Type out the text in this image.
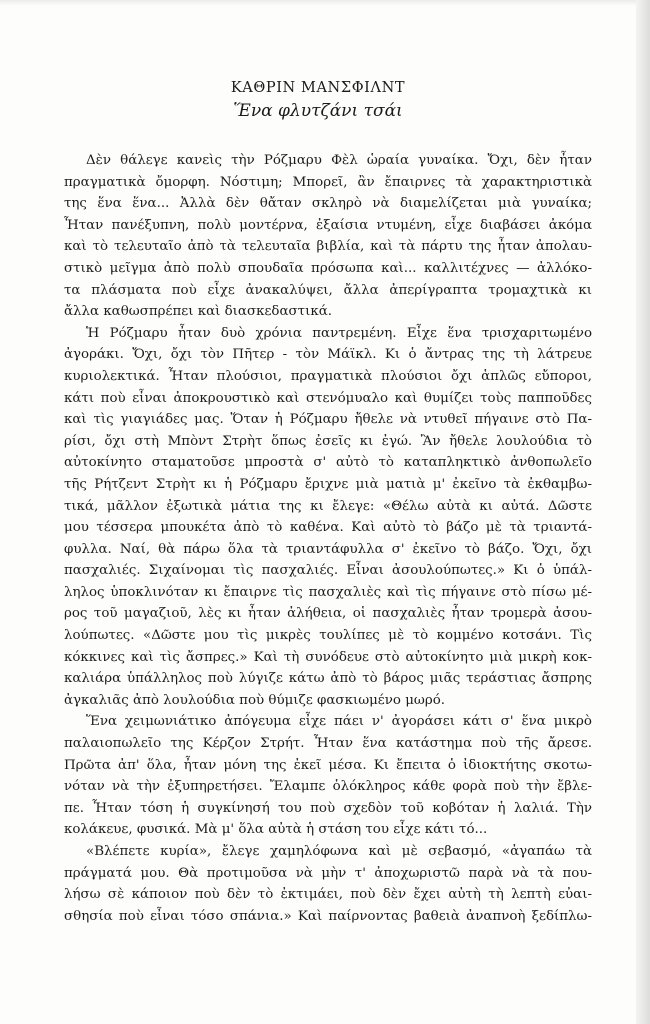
ΚΑΘΡΙΝ ΜΑΝΣΦΙΛΝΤ
Ἕνα φλυτζάνι τσάι
Δὲν θάλεγε κανεὶς τὴν Ρόζμαρυ Φὲλ ὡραία γυναίκα. Ὄχι, δὲν ἦταν
πραγματικὰ ὄμορφη. Νόστιμη; Μπορεῖ, ἂν ἔπαιρνες τὰ χαρακτηριστικὰ
της ἕνα ἕνα... Ἀλλὰ δὲν θἄταν σκληρὸ νὰ διαμελίζεται μιὰ γυναίκα;
Ἦταν πανέξυπνη, πολὺ μοντέρνα, ἐξαίσια ντυμένη, εἶχε διαβάσει ἀκόμα
καὶ τὸ τελευταῖο ἀπὸ τὰ τελευταῖα βιβλία, καὶ τὰ πάρτυ της ἦταν ἀπολαυ-
στικὸ μεῖγμα ἀπὸ πολὺ σπουδαῖα πρόσωπα καὶ... καλλιτέχνες — ἀλλόκο-
τα πλάσματα ποὺ εἶχε ἀνακαλύψει, ἄλλα ἀπερίγραπτα τρομαχτικὰ κι
ἄλλα καθωσπρέπει καὶ διασκεδαστικά.
Ἡ Ρόζμαρυ ἦταν δυὸ χρόνια παντρεμένη. Εἶχε ἕνα τρισχαριτωμένο
ἀγοράκι. Ὄχι, ὄχι τὸν Πῆτερ - τὸν Μάϊκλ. Κι ὁ ἄντρας της τὴ λάτρευε
κυριολεκτικά. Ἦταν πλούσιοι, πραγματικὰ πλούσιοι ὄχι ἁπλῶς εὔποροι,
κάτι ποὺ εἶναι ἀποκρουστικὸ καὶ στενόμυαλο καὶ θυμίζει τοὺς παπποῦδες
καὶ τὶς γιαγιάδες μας. Ὅταν ἡ Ρόζμαρυ ἤθελε νὰ ντυθεῖ πήγαινε στὸ Πα-
ρίσι, ὄχι στὴ Μπὸντ Στρὴτ ὅπως ἐσεῖς κι ἐγώ. Ἂν ἤθελε λουλούδια τὸ
αὐτοκίνητο σταματοῦσε μπροστὰ σ' αὐτὸ τὸ καταπληκτικὸ ἀνθοπωλεῖο
τῆς Ρήτζεντ Στρὴτ κι ἡ Ρόζμαρυ ἔριχνε μιὰ ματιὰ μ' ἐκεῖνο τὰ ἐκθαμβω-
τικά, μᾶλλον ἐξωτικὰ μάτια της κι ἔλεγε: «Θέλω αὐτὰ κι αὐτά. Δῶστε
μου τέσσερα μπουκέτα ἀπὸ τὸ καθένα. Καὶ αὐτὸ τὸ βάζο μὲ τὰ τριαντά-
φυλλα. Ναί, θὰ πάρω ὅλα τὰ τριαντάφυλλα σ' ἐκεῖνο τὸ βάζο. Ὄχι, ὄχι
πασχαλιές. Σιχαίνομαι τὶς πασχαλιές. Εἶναι ἀσουλούπωτες.» Κι ὁ ὑπάλ-
ληλος ὑποκλινόταν κι ἔπαιρνε τὶς πασχαλιὲς καὶ τὶς πήγαινε στὸ πίσω μέ-
ρος τοῦ μαγαζιοῦ, λὲς κι ἦταν ἀλήθεια, οἱ πασχαλιὲς ἦταν τρομερὰ ἀσου-
λούπωτες. «Δῶστε μου τὶς μικρὲς τουλίπες μὲ τὸ κομμένο κοτσάνι. Τὶς
κόκκινες καὶ τὶς ἄσπρες.» Καὶ τὴ συνόδευε στὸ αὐτοκίνητο μιὰ μικρὴ κοκ-
καλιάρα ὑπάλληλος ποὺ λύγιζε κάτω ἀπὸ τὸ βάρος μιᾶς τεράστιας ἄσπρης
ἀγκαλιᾶς ἀπὸ λουλούδια ποὺ θύμιζε φασκιωμένο μωρό.
Ἕνα χειμωνιάτικο ἀπόγευμα εἶχε πάει ν' ἀγοράσει κάτι σ' ἕνα μικρὸ
παλαιοπωλεῖο της Κέρζον Στρήτ. Ἦταν ἕνα κατάστημα ποὺ τῆς ἄρεσε.
Πρῶτα ἀπ' ὅλα, ἦταν μόνη της ἐκεῖ μέσα. Κι ἔπειτα ὁ ἰδιοκτήτης σκοτω-
νόταν νὰ τὴν ἐξυπηρετήσει. Ἔλαμπε ὁλόκληρος κάθε φορὰ ποὺ τὴν ἔβλε-
πε. Ἦταν τόση ἡ συγκίνησή του ποὺ σχεδὸν τοῦ κοβόταν ἡ λαλιά. Τὴν
κολάκευε, φυσικά. Μὰ μ' ὅλα αὐτὰ ἡ στάση του εἶχε κάτι τό...
«Βλέπετε κυρία», ἔλεγε χαμηλόφωνα καὶ μὲ σεβασμό, «ἀγαπάω τὰ
πράγματά μου. Θὰ προτιμοῦσα νὰ μὴν τ' ἀποχωριστῶ παρὰ νὰ τὰ που-
λήσω σὲ κάποιον ποὺ δὲν τὸ ἐκτιμάει, ποὺ δὲν ἔχει αὐτὴ τὴ λεπτὴ εὐαι-
σθησία ποὺ εἶναι τόσο σπάνια.» Καὶ παίρνοντας βαθειὰ ἀναπνοὴ ξεδίπλω-
